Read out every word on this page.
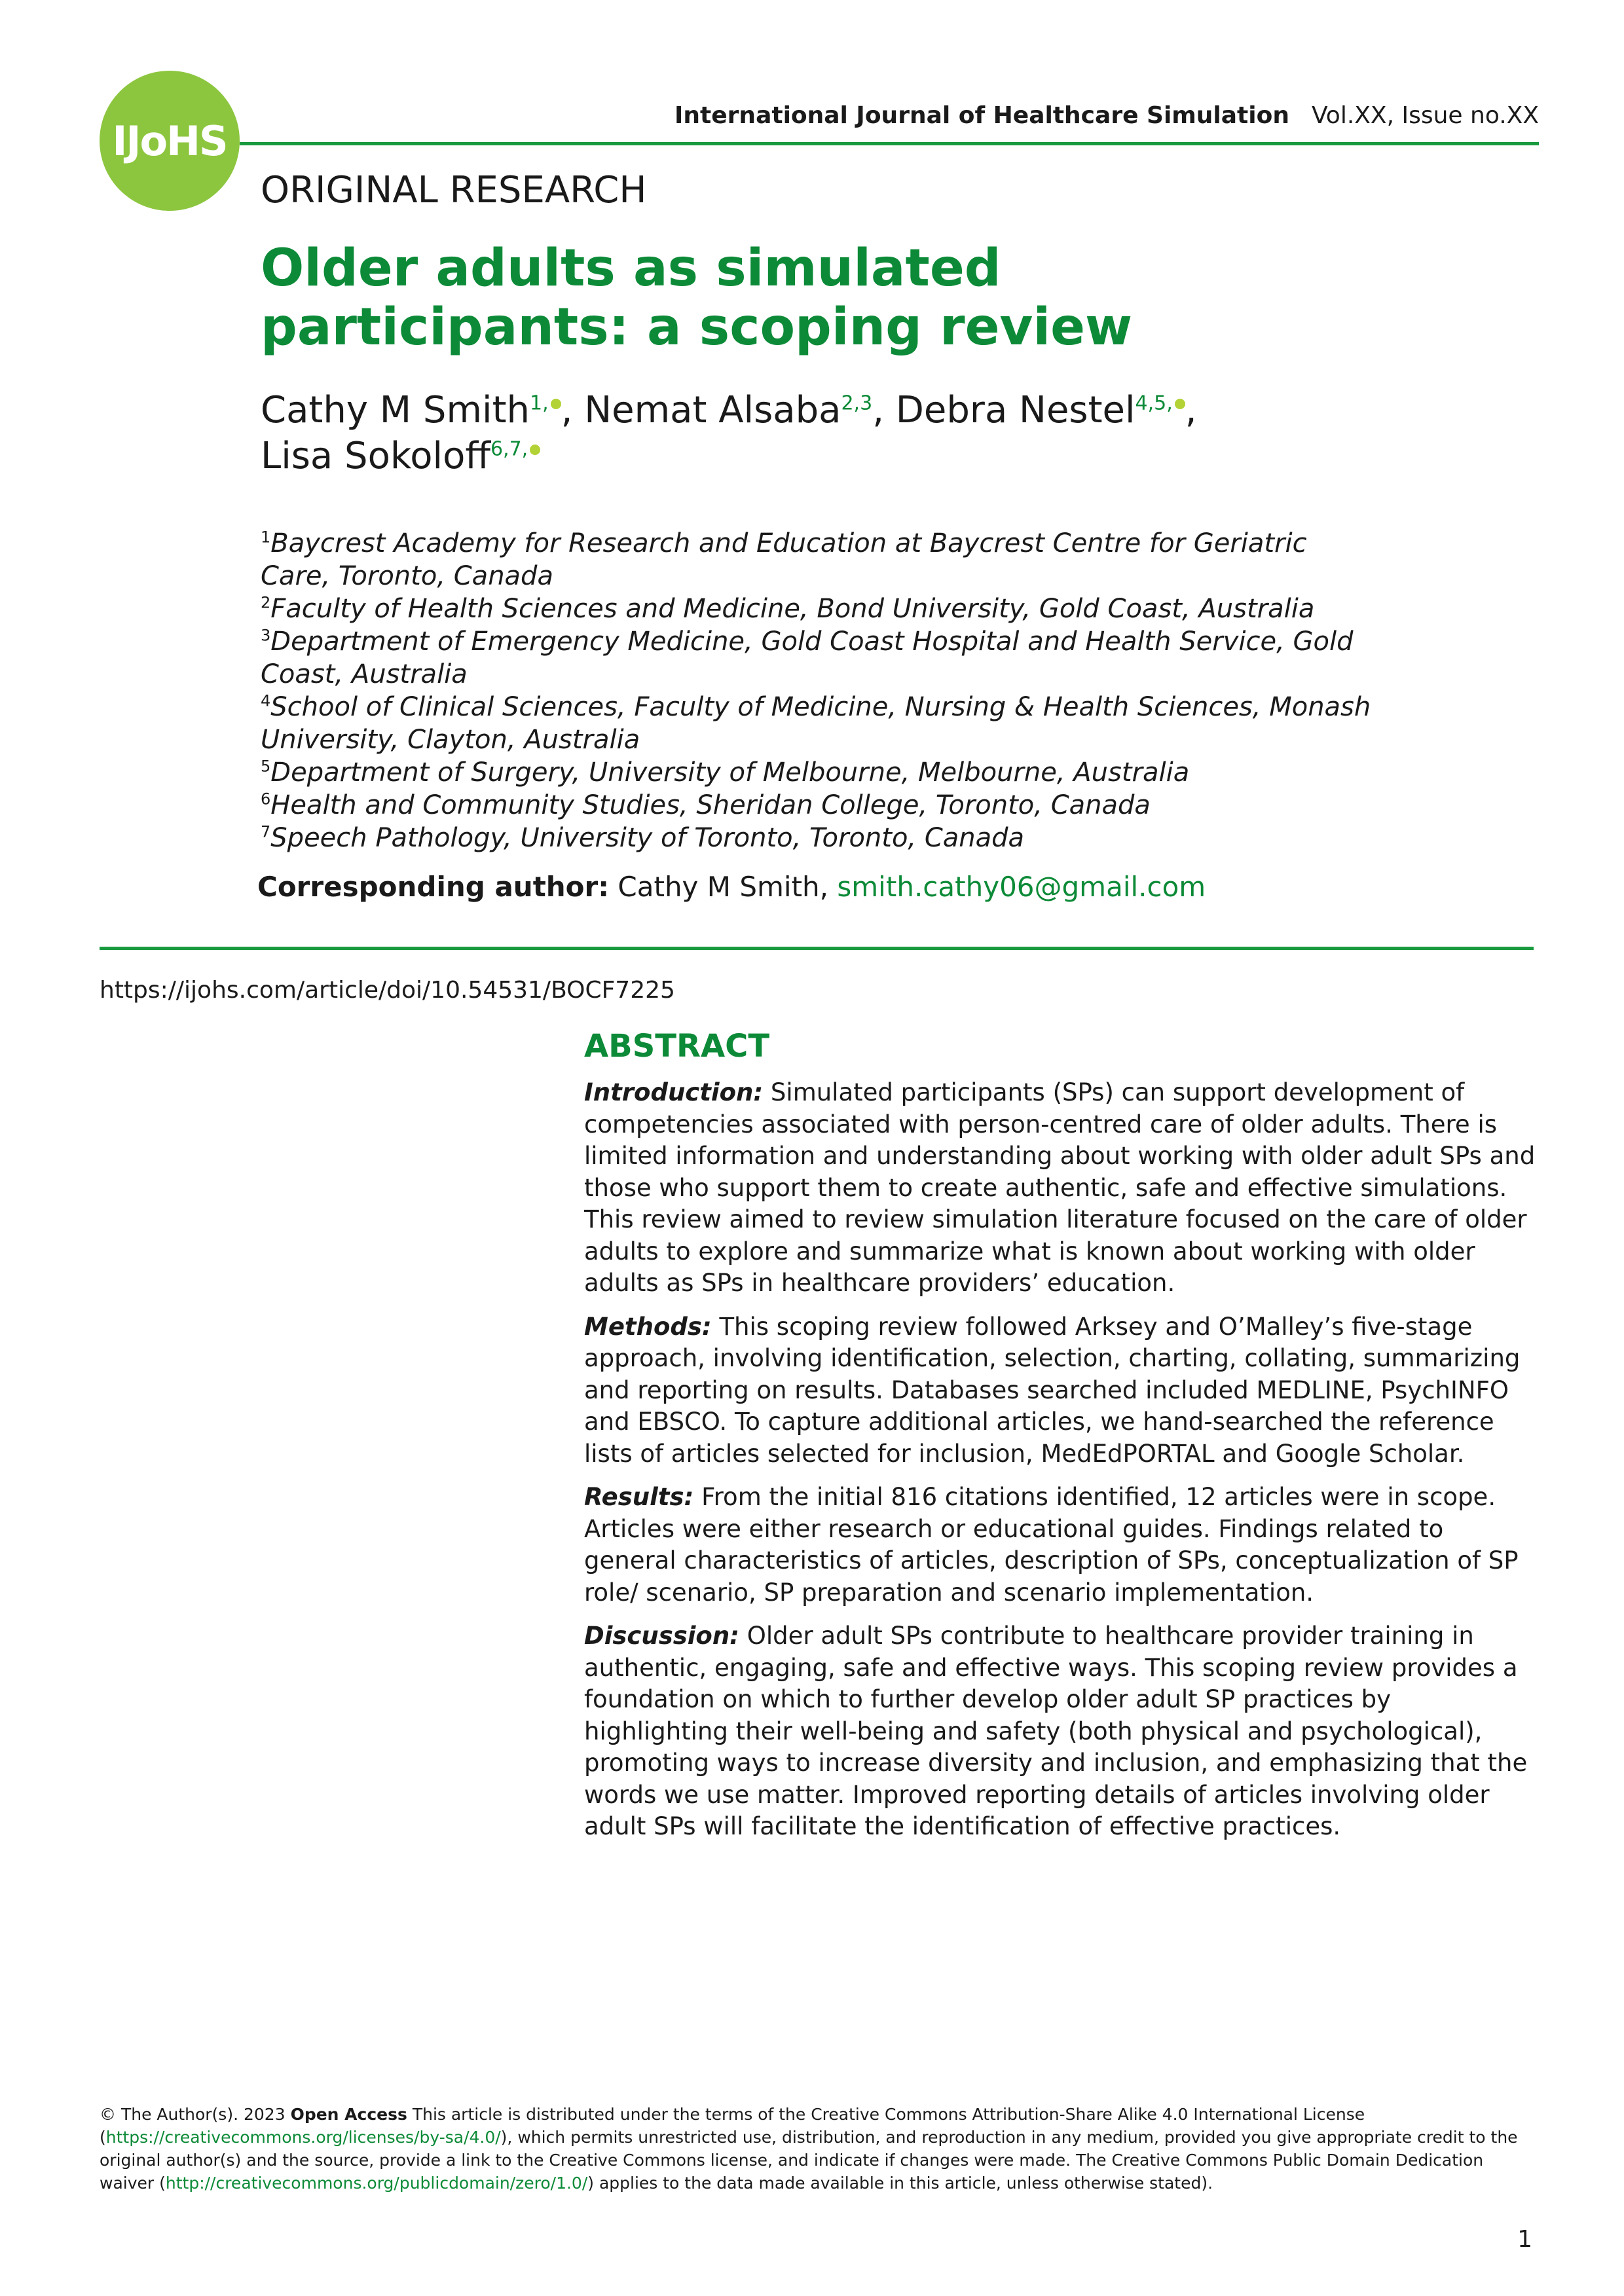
IJoHS
International Journal of Healthcare Simulation Vol.XX, Issue no.XX
ORIGINAL RESEARCH
Older adults as simulated participants: a scoping review
Cathy M Smith$^{1,}$ , Nemat Alsaba$^{2,3}$, Debra Nestel$^{4,5,}$ ,
Lisa Sokoloff$^{6,7,}$
$^1$Baycrest Academy for Research and Education at Baycrest Centre for Geriatric Care, Toronto, Canada
$^2$Faculty of Health Sciences and Medicine, Bond University, Gold Coast, Australia
$^3$Department of Emergency Medicine, Gold Coast Hospital and Health Service, Gold Coast, Australia
$^4$School of Clinical Sciences, Faculty of Medicine, Nursing & Health Sciences, Monash University, Clayton, Australia
$^5$Department of Surgery, University of Melbourne, Melbourne, Australia
$^6$Health and Community Studies, Sheridan College, Toronto, Canada
$^7$Speech Pathology, University of Toronto, Toronto, Canada
Corresponding author: Cathy M Smith, smith.cathy06@gmail.com
https://ijohs.com/article/doi/10.54531/BOCF7225
ABSTRACT

Introduction: Simulated participants (SPs) can support development of competencies associated with person-centred care of older adults. There is limited information and understanding about working with older adult SPs and those who support them to create authentic, safe and effective simulations. This review aimed to review simulation literature focused on the care of older adults to explore and summarize what is known about working with older adults as SPs in healthcare providers’ education.

Methods: This scoping review followed Arksey and O’Malley’s five-stage approach, involving identification, selection, charting, collating, summarizing and reporting on results. Databases searched included MEDLINE, PsychINFO and EBSCO. To capture additional articles, we hand-searched the reference lists of articles selected for inclusion, MedEdPORTAL and Google Scholar.

Results: From the initial 816 citations identified, 12 articles were in scope. Articles were either research or educational guides. Findings related to general characteristics of articles, description of SPs, conceptualization of SP role/ scenario, SP preparation and scenario implementation.

Discussion: Older adult SPs contribute to healthcare provider training in authentic, engaging, safe and effective ways. This scoping review provides a foundation on which to further develop older adult SP practices by highlighting their well-being and safety (both physical and psychological), promoting ways to increase diversity and inclusion, and emphasizing that the words we use matter. Improved reporting details of articles involving older adult SPs will facilitate the identification of effective practices.

© The Author(s). 2023 Open Access This article is distributed under the terms of the Creative Commons Attribution-Share Alike 4.0 International License (https://creativecommons.org/licenses/by-sa/4.0/), which permits unrestricted use, distribution, and reproduction in any medium, provided you give appropriate credit to the original author(s) and the source, provide a link to the Creative Commons license, and indicate if changes were made. The Creative Commons Public Domain Dedication waiver (http://creativecommons.org/publicdomain/zero/1.0/) applies to the data made available in this article, unless otherwise stated).
1
